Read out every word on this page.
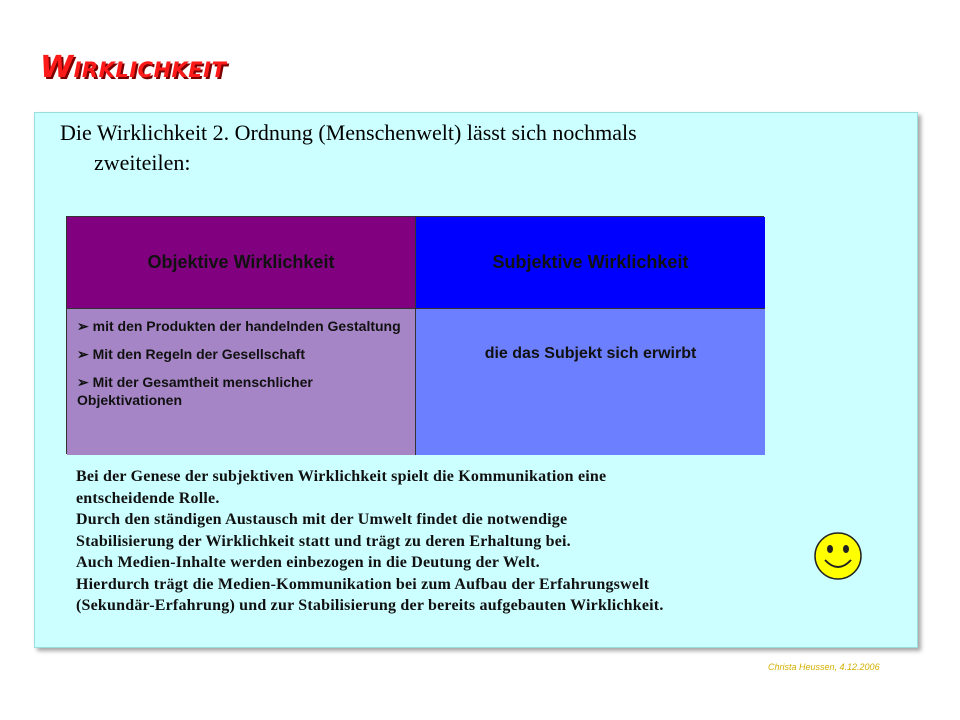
Wirklichkeit
Die Wirklichkeit 2. Ordnung (Menschenwelt) lässt sich nochmals
zweiteilen:
Objektive Wirklichkeit	Subjektive Wirklichkeit
➢ mit den Produkten der handelnden Gestaltung
➢ Mit den Regeln der Gesellschaft
➢ Mit der Gesamtheit menschlicher Objektivationen
die das Subjekt sich erwirbt
Bei der Genese der subjektiven Wirklichkeit spielt die Kommunikation eine
entscheidende Rolle.
Durch den ständigen Austausch mit der Umwelt findet die notwendige
Stabilisierung der Wirklichkeit statt und trägt zu deren Erhaltung bei.
Auch Medien-Inhalte werden einbezogen in die Deutung der Welt.
Hierdurch trägt die Medien-Kommunikation bei zum Aufbau der Erfahrungswelt
(Sekundär-Erfahrung) und zur Stabilisierung der bereits aufgebauten Wirklichkeit.
Christa Heussen, 4.12.2006
